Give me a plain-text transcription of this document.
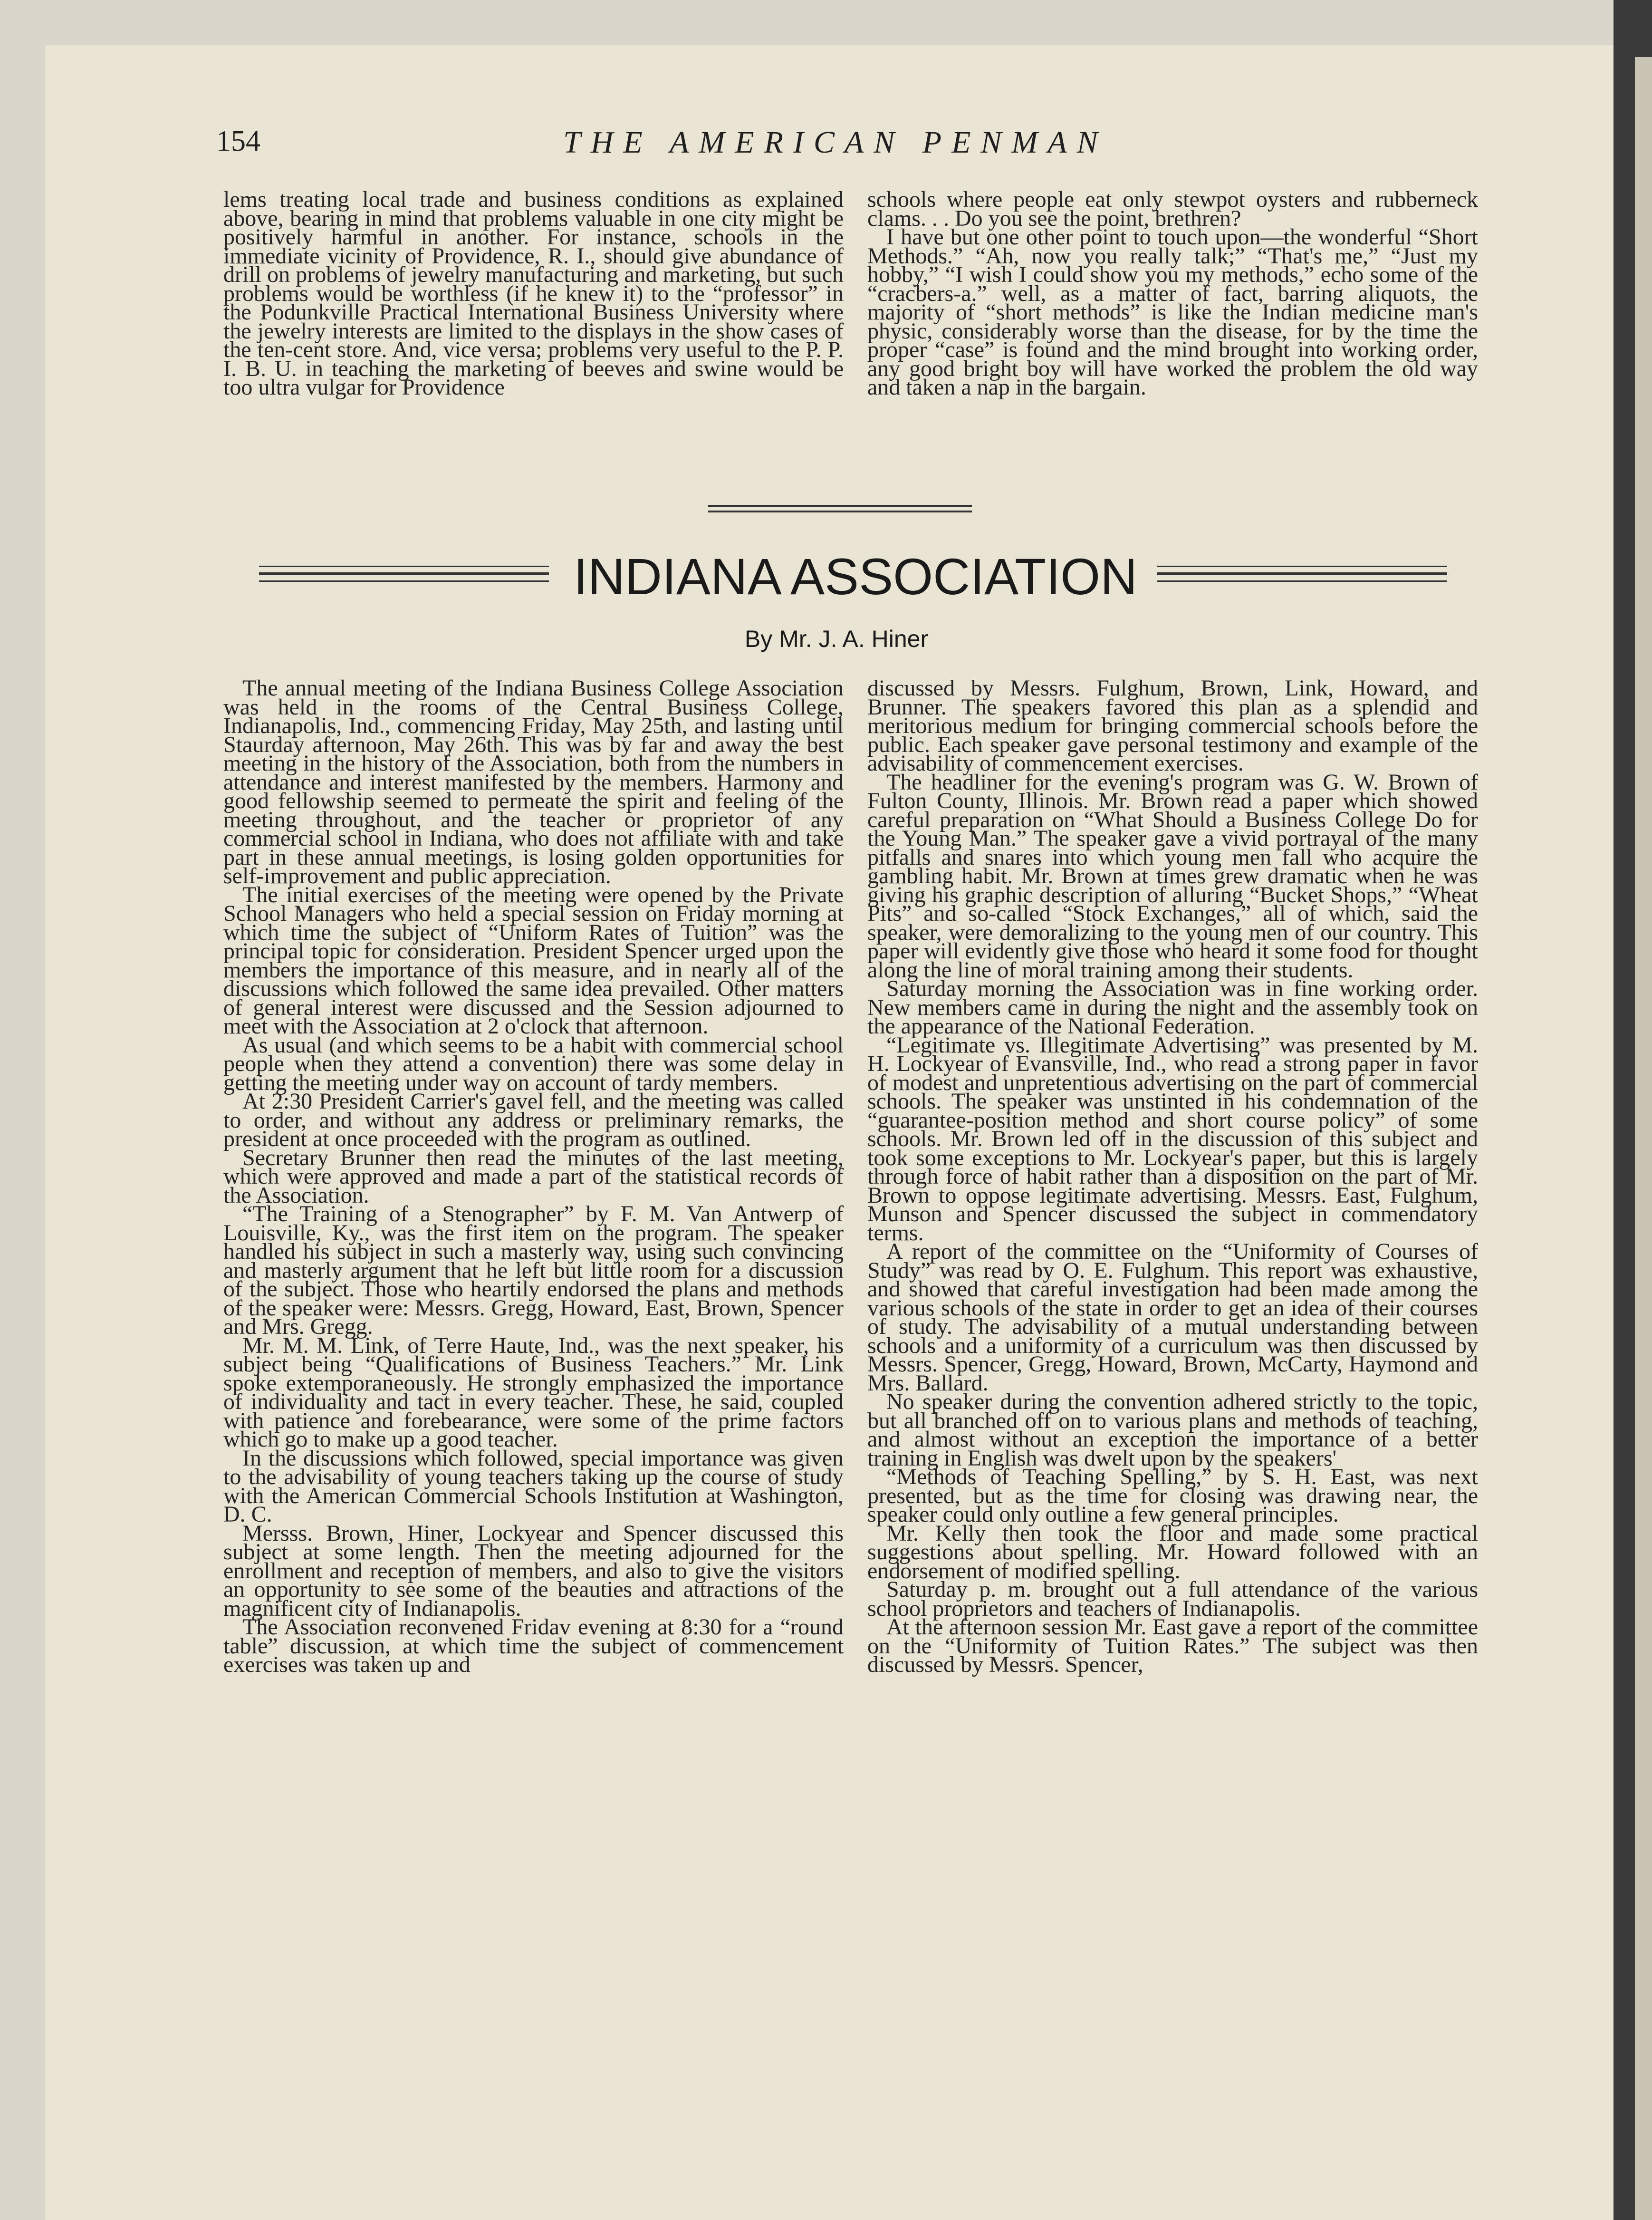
154	THE AMERICAN PENMAN

lems treating local trade and business conditions as explained above, bearing in mind that problems valuable in one city might be positively harmful in another. For instance, schools in the immediate vicinity of Providence, R. I., should give abundance of drill on problems of jewelry manufacturing and marketing, but such problems would be worthless (if he knew it) to the “professor” in the Podunkville Practical International Business University where the jewelry interests are limited to the displays in the show cases of the ten-cent store. And, vice versa; problems very useful to the P. P. I. B. U. in teaching the marketing of beeves and swine would be too ultra vulgar for Providence

schools where people eat only stewpot oysters and rubberneck clams. . . Do you see the point, brethren?

I have but one other point to touch upon—the wonderful “Short Methods.” “Ah, now you really talk;” “That's me,” “Just my hobby,” “I wish I could show you my methods,” echo some of the “cracbers-a.” well, as a matter of fact, barring aliquots, the majority of “short methods” is like the Indian medicine man's physic, considerably worse than the disease, for by the time the proper “case” is found and the mind brought into working order, any good bright boy will have worked the problem the old way and taken a nap in the bargain.

INDIANA ASSOCIATION
By Mr. J. A. Hiner

The annual meeting of the Indiana Business College Association was held in the rooms of the Central Business College, Indianapolis, Ind., commencing Friday, May 25th, and lasting until Staurday afternoon, May 26th. This was by far and away the best meeting in the history of the Association, both from the numbers in attendance and interest manifested by the members. Harmony and good fellowship seemed to permeate the spirit and feeling of the meeting throughout, and the teacher or proprietor of any commercial school in Indiana, who does not affiliate with and take part in these annual meetings, is losing golden opportunities for self-improvement and public appreciation.

The initial exercises of the meeting were opened by the Private School Managers who held a special session on Friday morning at which time the subject of “Uniform Rates of Tuition” was the principal topic for consideration. President Spencer urged upon the members the importance of this measure, and in nearly all of the discussions which followed the same idea prevailed. Other matters of general interest were discussed and the Session adjourned to meet with the Association at 2 o'clock that afternoon.

As usual (and which seems to be a habit with commercial school people when they attend a convention) there was some delay in getting the meeting under way on account of tardy members.

At 2:30 President Carrier's gavel fell, and the meeting was called to order, and without any address or preliminary remarks, the president at once proceeded with the program as outlined.

Secretary Brunner then read the minutes of the last meeting, which were approved and made a part of the statistical records of the Association.

“The Training of a Stenographer” by F. M. Van Antwerp of Louisville, Ky., was the first item on the program. The speaker handled his subject in such a masterly way, using such convincing and masterly argument that he left but little room for a discussion of the subject. Those who heartily endorsed the plans and methods of the speaker were: Messrs. Gregg, Howard, East, Brown, Spencer and Mrs. Gregg.

Mr. M. M. Link, of Terre Haute, Ind., was the next speaker, his subject being “Qualifications of Business Teachers.” Mr. Link spoke extemporaneously. He strongly emphasized the importance of individuality and tact in every teacher. These, he said, coupled with patience and forebearance, were some of the prime factors which go to make up a good teacher.

In the discussions which followed, special importance was given to the advisability of young teachers taking up the course of study with the American Commercial Schools Institution at Washington, D. C.

Mersss. Brown, Hiner, Lockyear and Spencer discussed this subject at some length. Then the meeting adjourned for the enrollment and reception of members, and also to give the visitors an opportunity to see some of the beauties and attractions of the magnificent city of Indianapolis.

The Association reconvened Fridav evening at 8:30 for a “round table” discussion, at which time the subject of commencement exercises was taken up and

discussed by Messrs. Fulghum, Brown, Link, Howard, and Brunner. The speakers favored this plan as a splendid and meritorious medium for bringing commercial schools before the public. Each speaker gave personal testimony and example of the advisability of commencement exercises.

The headliner for the evening's program was G. W. Brown of Fulton County, Illinois. Mr. Brown read a paper which showed careful preparation on “What Should a Business College Do for the Young Man.” The speaker gave a vivid portrayal of the many pitfalls and snares into which young men fall who acquire the gambling habit. Mr. Brown at times grew dramatic when he was giving his graphic description of alluring “Bucket Shops,” “Wheat Pits” and so-called “Stock Exchanges,” all of which, said the speaker, were demoralizing to the young men of our country. This paper will evidently give those who heard it some food for thought along the line of moral training among their students.

Saturday morning the Association was in fine working order. New members came in during the night and the assembly took on the appearance of the National Federation.

“Legitimate vs. Illegitimate Advertising” was presented by M. H. Lockyear of Evansville, Ind., who read a strong paper in favor of modest and unpretentious advertising on the part of commercial schools. The speaker was unstinted in his condemnation of the “guarantee-position method and short course policy” of some schools. Mr. Brown led off in the discussion of this subject and took some exceptions to Mr. Lockyear's paper, but this is largely through force of habit rather than a disposition on the part of Mr. Brown to oppose legitimate advertising. Messrs. East, Fulghum, Munson and Spencer discussed the subject in commendatory terms.

A report of the committee on the “Uniformity of Courses of Study” was read by O. E. Fulghum. This report was exhaustive, and showed that careful investigation had been made among the various schools of the state in order to get an idea of their courses of study. The advisability of a mutual understanding between schools and a uniformity of a curriculum was then discussed by Messrs. Spencer, Gregg, Howard, Brown, McCarty, Haymond and Mrs. Ballard.

No speaker during the convention adhered strictly to the topic, but all branched off on to various plans and methods of teaching, and almost without an exception the importance of a better training in English was dwelt upon by the speakers'

“Methods of Teaching Spelling,” by S. H. East, was next presented, but as the time for closing was drawing near, the speaker could only outline a few general principles.

Mr. Kelly then took the floor and made some practical suggestions about spelling. Mr. Howard followed with an endorsement of modified spelling.

Saturday p. m. brought out a full attendance of the various school proprietors and teachers of Indianapolis.

At the afternoon session Mr. East gave a report of the committee on the “Uniformity of Tuition Rates.” The subject was then discussed by Messrs. Spencer,
